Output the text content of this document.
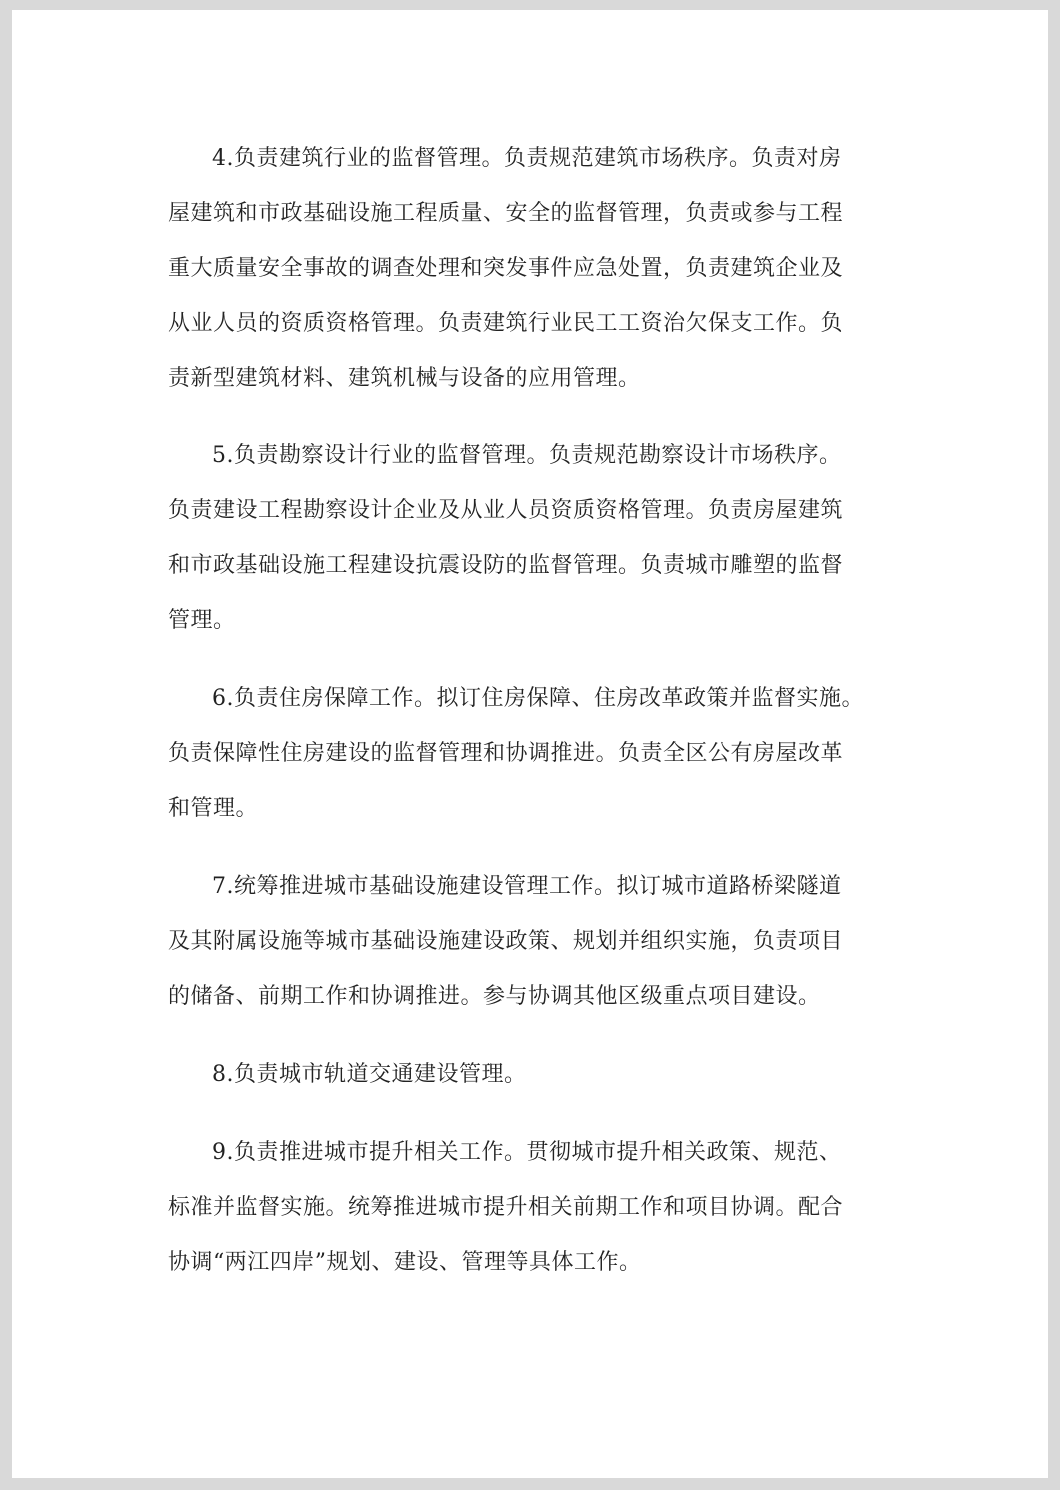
4.负责建筑行业的监督管理。负责规范建筑市场秩序。负责对房
屋建筑和市政基础设施工程质量、安全的监督管理，负责或参与工程
重大质量安全事故的调查处理和突发事件应急处置，负责建筑企业及
从业人员的资质资格管理。负责建筑行业民工工资治欠保支工作。负
责新型建筑材料、建筑机械与设备的应用管理。
5.负责勘察设计行业的监督管理。负责规范勘察设计市场秩序。
负责建设工程勘察设计企业及从业人员资质资格管理。负责房屋建筑
和市政基础设施工程建设抗震设防的监督管理。负责城市雕塑的监督
管理。
6.负责住房保障工作。拟订住房保障、住房改革政策并监督实施。
负责保障性住房建设的监督管理和协调推进。负责全区公有房屋改革
和管理。
7.统筹推进城市基础设施建设管理工作。拟订城市道路桥梁隧道
及其附属设施等城市基础设施建设政策、规划并组织实施，负责项目
的储备、前期工作和协调推进。参与协调其他区级重点项目建设。
8.负责城市轨道交通建设管理。
9.负责推进城市提升相关工作。贯彻城市提升相关政策、规范、
标准并监督实施。统筹推进城市提升相关前期工作和项目协调。配合
协调“两江四岸”规划、建设、管理等具体工作。
